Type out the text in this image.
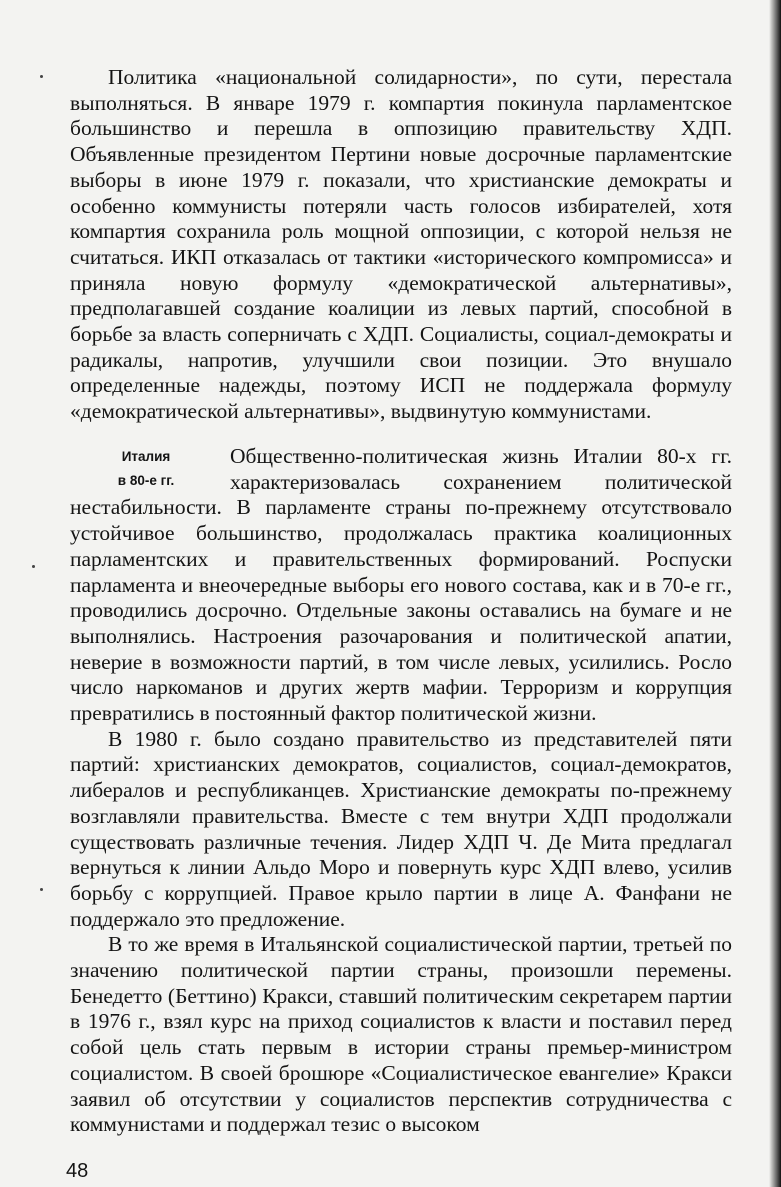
Политика «национальной солидарности», по сути, перестала выполняться. В январе 1979 г. компартия покинула парламентское большинство и перешла в оппозицию правительству ХДП. Объявленные президентом Пертини новые досрочные парламентские выборы в июне 1979 г. показали, что христианские демократы и особенно коммунисты потеряли часть голосов избирателей, хотя компартия сохранила роль мощной оппозиции, с которой нельзя не считаться. ИКП отказалась от тактики «исторического компромисса» и приняла новую формулу «демократической альтернативы», предполагавшей создание коалиции из левых партий, способной в борьбе за власть соперничать с ХДП. Социалисты, социал-демократы и радикалы, напротив, улучшили свои позиции. Это внушало определенные надежды, поэтому ИСП не поддержала формулу «демократической альтернативы», выдвинутую коммунистами.

Италия
в 80-е гг.

Общественно-политическая жизнь Италии 80-х гг. характеризовалась сохранением политической нестабильности. В парламенте страны по-прежнему отсутствовало устойчивое большинство, продолжалась практика коалиционных парламентских и правительственных формирований. Роспуски парламента и внеочередные выборы его нового состава, как и в 70-е гг., проводились досрочно. Отдельные законы оставались на бумаге и не выполнялись. Настроения разочарования и политической апатии, неверие в возможности партий, в том числе левых, усилились. Росло число наркоманов и других жертв мафии. Терроризм и коррупция превратились в постоянный фактор политической жизни.

В 1980 г. было создано правительство из представителей пяти партий: христианских демократов, социалистов, социал-демократов, либералов и республиканцев. Христианские демократы по-прежнему возглавляли правительства. Вместе с тем внутри ХДП продолжали существовать различные течения. Лидер ХДП Ч. Де Мита предлагал вернуться к линии Альдо Моро и повернуть курс ХДП влево, усилив борьбу с коррупцией. Правое крыло партии в лице А. Фанфани не поддержало это предложение.

В то же время в Итальянской социалистической партии, третьей по значению политической партии страны, произошли перемены. Бенедетто (Беттино) Кракси, ставший политическим секретарем партии в 1976 г., взял курс на приход социалистов к власти и поставил перед собой цель стать первым в истории страны премьер-министром социалистом. В своей брошюре «Социалистическое евангелие» Кракси заявил об отсутствии у социалистов перспектив сотрудничества с коммунистами и поддержал тезис о высоком

48
